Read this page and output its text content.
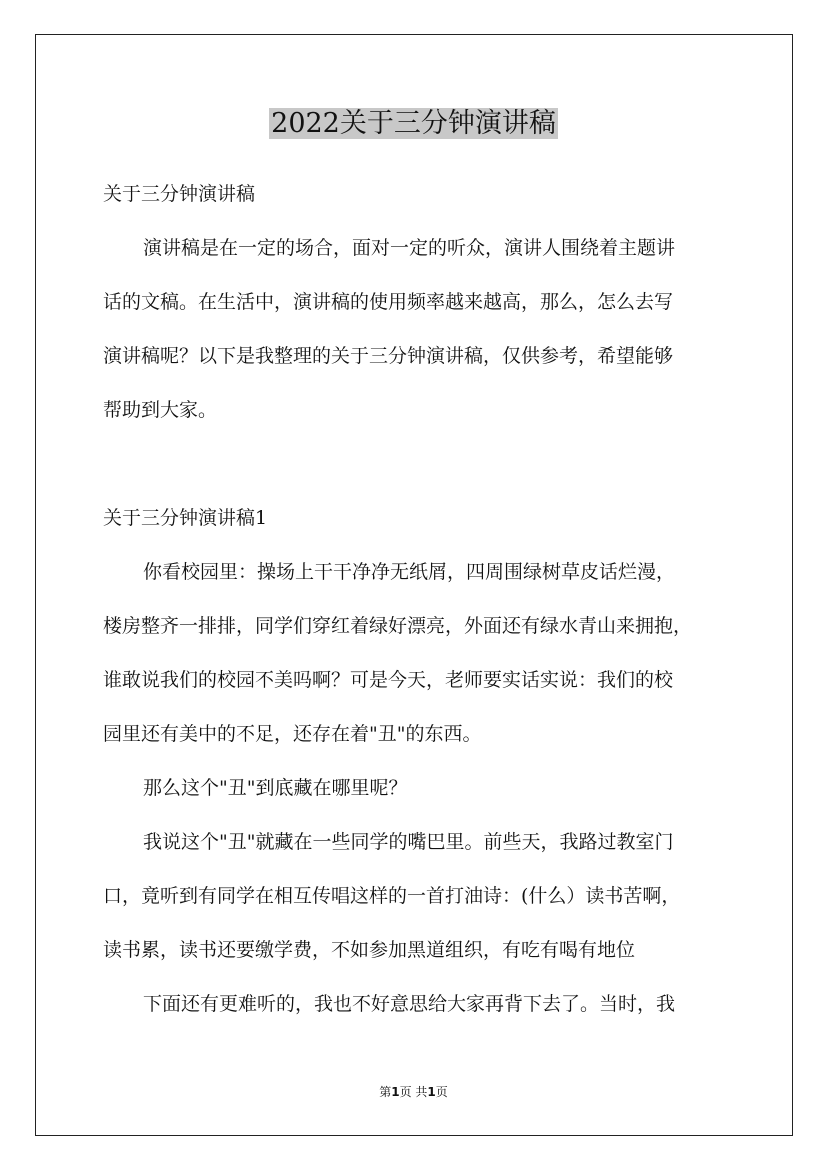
2022关于三分钟演讲稿
关于三分钟演讲稿
演讲稿是在一定的场合，面对一定的听众，演讲人围绕着主题讲
话的文稿。在生活中，演讲稿的使用频率越来越高，那么，怎么去写
演讲稿呢？以下是我整理的关于三分钟演讲稿，仅供参考，希望能够
帮助到大家。
关于三分钟演讲稿1
你看校园里：操场上干干净净无纸屑，四周围绿树草皮话烂漫，
楼房整齐一排排，同学们穿红着绿好漂亮，外面还有绿水青山来拥抱，
谁敢说我们的校园不美吗啊？可是今天，老师要实话实说：我们的校
园里还有美中的不足，还存在着"丑"的东西。
那么这个"丑"到底藏在哪里呢？
我说这个"丑"就藏在一些同学的嘴巴里。前些天，我路过教室门
口，竟听到有同学在相互传唱这样的一首打油诗：(什么）读书苦啊，
读书累，读书还要缴学费，不如参加黑道组织，有吃有喝有地位
下面还有更难听的，我也不好意思给大家再背下去了。当时，我
第1页 共1页
